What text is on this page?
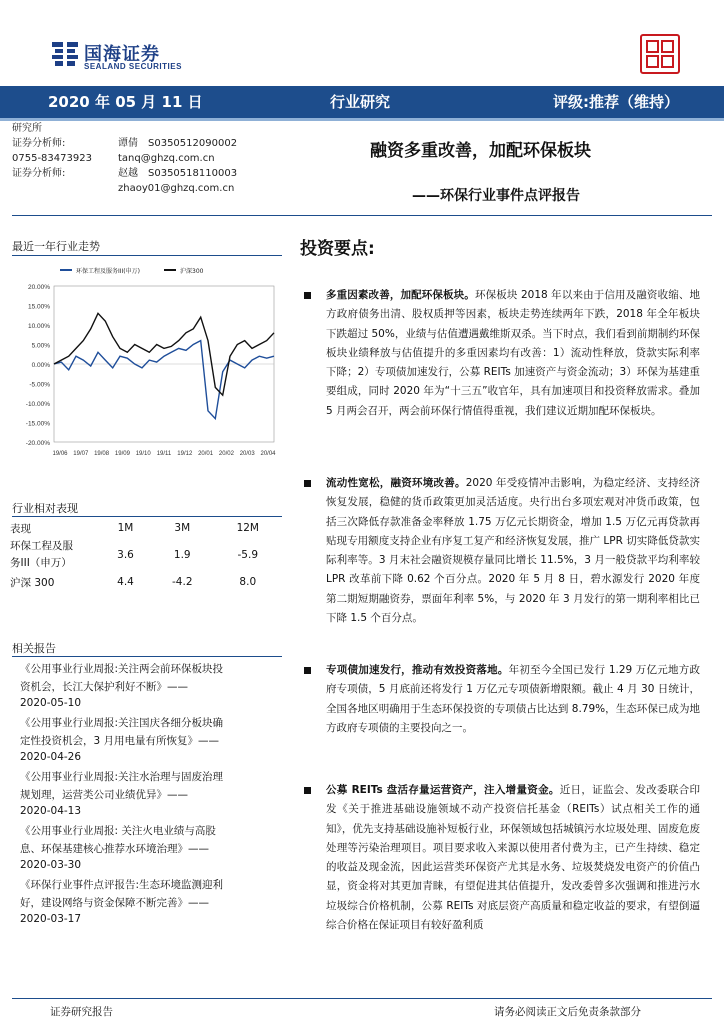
国海证券
SEALAND SECURITIES
2020 年 05 月 11 日	行业研究	评级:推荐（维持）
研究所
证券分析师:	谭倩 S0350512090002
0755-83473923	tanq@ghzq.com.cn
证券分析师:	赵越 S0350518110003
zhaoy01@ghzq.com.cn
融资多重改善，加配环保板块
——环保行业事件点评报告
最近一年行业走势
20.00%
15.00%
10.00%
5.00%
0.00%
-5.00%
-10.00%
-15.00%
-20.00%
19/06 19/07 19/08 19/09 19/10 19/11 19/12 20/01 20/02 20/03 20/04
环保工程及服务III(申万)	沪深300
行业相对表现
表现	1M	3M	12M
环保工程及服
务III（申万）	3.6	1.9	-5.9
沪深 300	4.4	-4.2	8.0
相关报告
《公用事业行业周报:关注两会前环保板块投
资机会，长江大保护利好不断》——
2020-05-10
《公用事业行业周报:关注国庆各细分板块确
定性投资机会，3 月用电量有所恢复》——
2020-04-26
《公用事业行业周报:关注水治理与固废治理
规划理，运营类公司业绩优异》——
2020-04-13
《公用事业行业周报: 关注火电业绩与高股
息、环保基建核心推荐水环境治理》——
2020-03-30
《环保行业事件点评报告:生态环境监测迎利
好，建设网络与资金保障不断完善》——
2020-03-17
投资要点:
多重因素改善，加配环保板块。环保板块 2018 年以来由于信用及融资收缩、地方政府债务出清、股权质押等因素，板块走势连续两年下跌，2018 年全年板块下跌超过 50%，业绩与估值遭遇戴维斯双杀。当下时点，我们看到前期制约环保板块业绩释放与估值提升的多重因素均有改善：1）流动性释放，贷款实际利率下降；2）专项债加速发行，公募 REITs 加速资产与资金流动；3）环保为基建重要组成，同时 2020 年为“十三五”收官年，具有加速项目和投资释放需求。叠加 5 月两会召开，两会前环保行情值得重视，我们建议近期加配环保板块。
流动性宽松，融资环境改善。2020 年受疫情冲击影响，为稳定经济、支持经济恢复发展，稳健的货币政策更加灵活适度。央行出台多项宏观对冲货币政策，包括三次降低存款准备金率释放 1.75 万亿元长期资金，增加 1.5 万亿元再贷款再贴现专用额度支持企业有序复工复产和经济恢复发展，推广 LPR 切实降低贷款实际利率等。3 月末社会融资规模存量同比增长 11.5%，3 月一般贷款平均利率较 LPR 改革前下降 0.62 个百分点。2020 年 5 月 8 日，碧水源发行 2020 年度第二期短期融资券，票面年利率 5%，与 2020 年 3 月发行的第一期利率相比已下降 1.5 个百分点。
专项债加速发行，推动有效投资落地。年初至今全国已发行 1.29 万亿元地方政府专项债，5 月底前还将发行 1 万亿元专项债新增限额。截止 4 月 30 日统计，全国各地区明确用于生态环保投资的专项债占比达到 8.79%，生态环保已成为地方政府专项债的主要投向之一。
公募 REITs 盘活存量运营资产，注入增量资金。近日，证监会、发改委联合印发《关于推进基础设施领域不动产投资信托基金（REITs）试点相关工作的通知》，优先支持基础设施补短板行业，环保领域包括城镇污水垃圾处理、固废危废处理等污染治理项目。项目要求收入来源以使用者付费为主，已产生持续、稳定的收益及现金流，因此运营类环保资产尤其是水务、垃圾焚烧发电资产的价值凸显，资金将对其更加青睐，有望促进其估值提升，发改委曾多次强调和推进污水垃圾综合价格机制，公募 REITs 对底层资产高质量和稳定收益的要求，有望倒逼综合价格在保证项目有较好盈利质
证券研究报告	请务必阅读正文后免责条款部分
